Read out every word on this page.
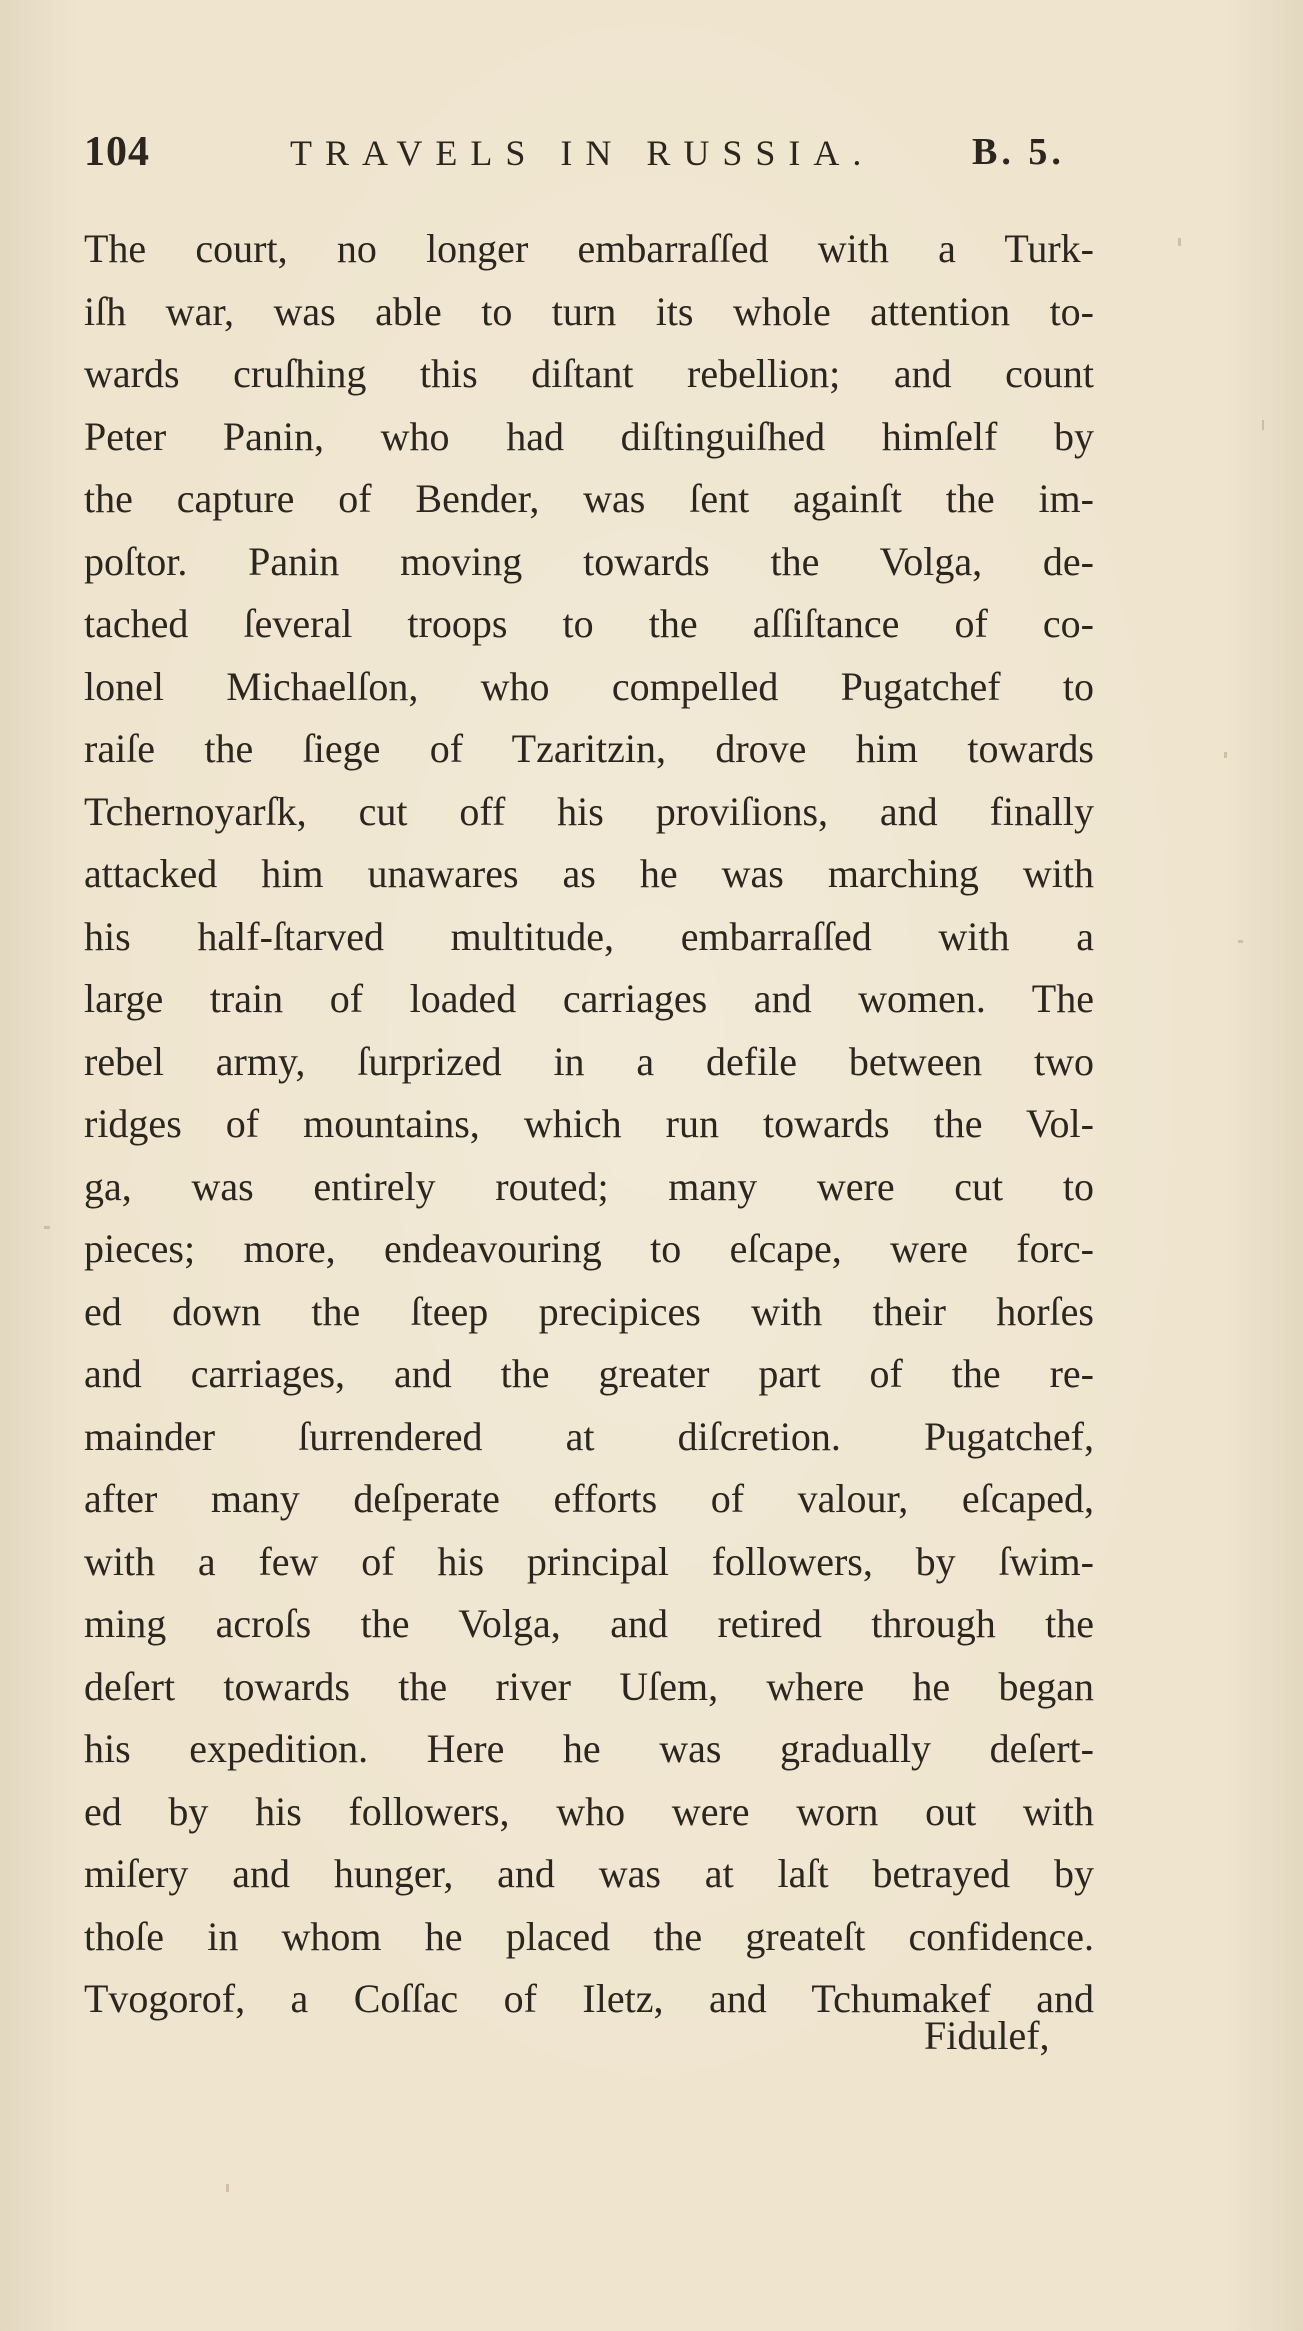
104	TRAVELS IN RUSSIA.	B. 5.
The court, no longer embarraſſed with a Turk-
iſh war, was able to turn its whole attention to-
wards cruſhing this diſtant rebellion; and count
Peter Panin, who had diſtinguiſhed himſelf by
the capture of Bender, was ſent againſt the im-
poſtor. Panin moving towards the Volga, de-
tached ſeveral troops to the aſſiſtance of co-
lonel Michaelſon, who compelled Pugatchef to
raiſe the ſiege of Tzaritzin, drove him towards
Tchernoyarſk, cut off his proviſions, and finally
attacked him unawares as he was marching with
his half-ſtarved multitude, embarraſſed with a
large train of loaded carriages and women. The
rebel army, ſurprized in a defile between two
ridges of mountains, which run towards the Vol-
ga, was entirely routed; many were cut to
pieces; more, endeavouring to eſcape, were forc-
ed down the ſteep precipices with their horſes
and carriages, and the greater part of the re-
mainder ſurrendered at diſcretion. Pugatchef,
after many deſperate efforts of valour, eſcaped,
with a few of his principal followers, by ſwim-
ming acroſs the Volga, and retired through the
deſert towards the river Uſem, where he began
his expedition. Here he was gradually deſert-
ed by his followers, who were worn out with
miſery and hunger, and was at laſt betrayed by
thoſe in whom he placed the greateſt confidence.
Tvogorof, a Coſſac of Iletz, and Tchumakef and
Fidulef,
